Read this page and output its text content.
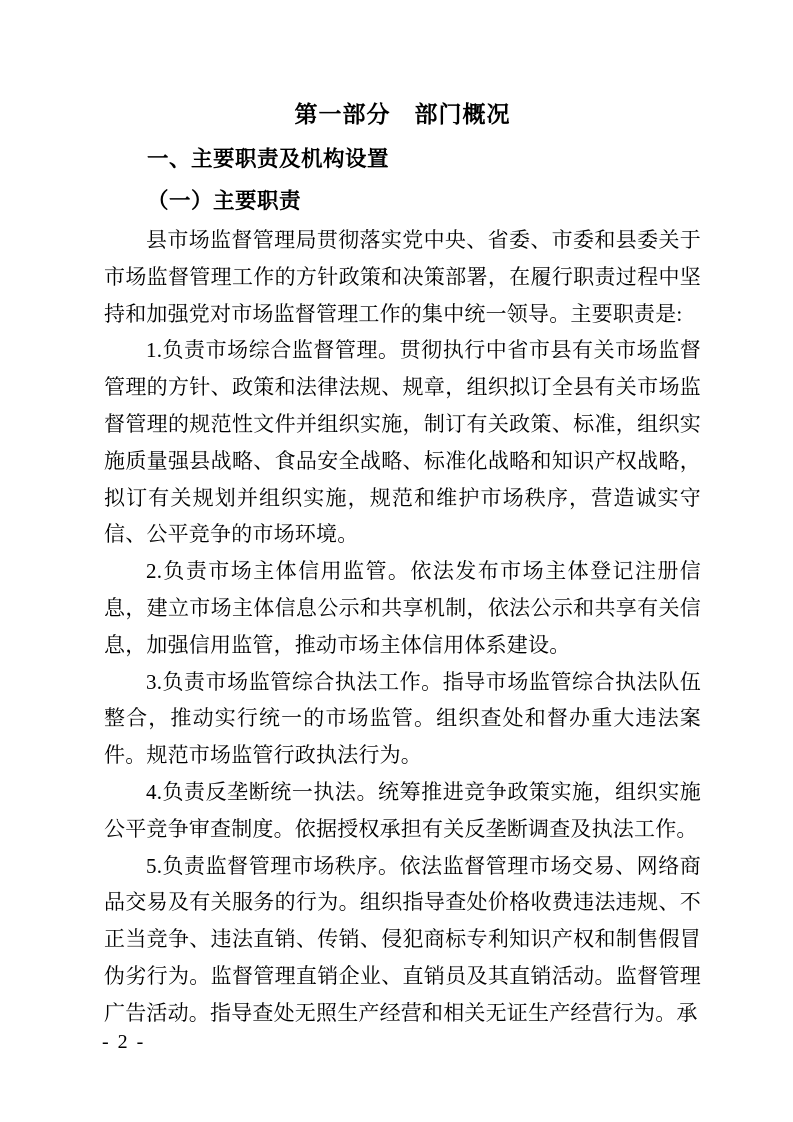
第一部分　部门概况
一、主要职责及机构设置
（一）主要职责

县市场监督管理局贯彻落实党中央、省委、市委和县委关于市场监督管理工作的方针政策和决策部署，在履行职责过程中坚持和加强党对市场监督管理工作的集中统一领导。主要职责是:

1.负责市场综合监督管理。贯彻执行中省市县有关市场监督管理的方针、政策和法律法规、规章，组织拟订全县有关市场监督管理的规范性文件并组织实施，制订有关政策、标准，组织实施质量强县战略、食品安全战略、标准化战略和知识产权战略，拟订有关规划并组织实施，规范和维护市场秩序，营造诚实守信、公平竞争的市场环境。

2.负责市场主体信用监管。依法发布市场主体登记注册信息，建立市场主体信息公示和共享机制，依法公示和共享有关信息，加强信用监管，推动市场主体信用体系建设。

3.负责市场监管综合执法工作。指导市场监管综合执法队伍整合，推动实行统一的市场监管。组织查处和督办重大违法案件。规范市场监管行政执法行为。

4.负责反垄断统一执法。统筹推进竞争政策实施，组织实施公平竞争审查制度。依据授权承担有关反垄断调查及执法工作。

5.负责监督管理市场秩序。依法监督管理市场交易、网络商品交易及有关服务的行为。组织指导查处价格收费违法违规、不正当竞争、违法直销、传销、侵犯商标专利知识产权和制售假冒伪劣行为。监督管理直销企业、直销员及其直销活动。监督管理广告活动。指导查处无照生产经营和相关无证生产经营行为。承

- 2 -
